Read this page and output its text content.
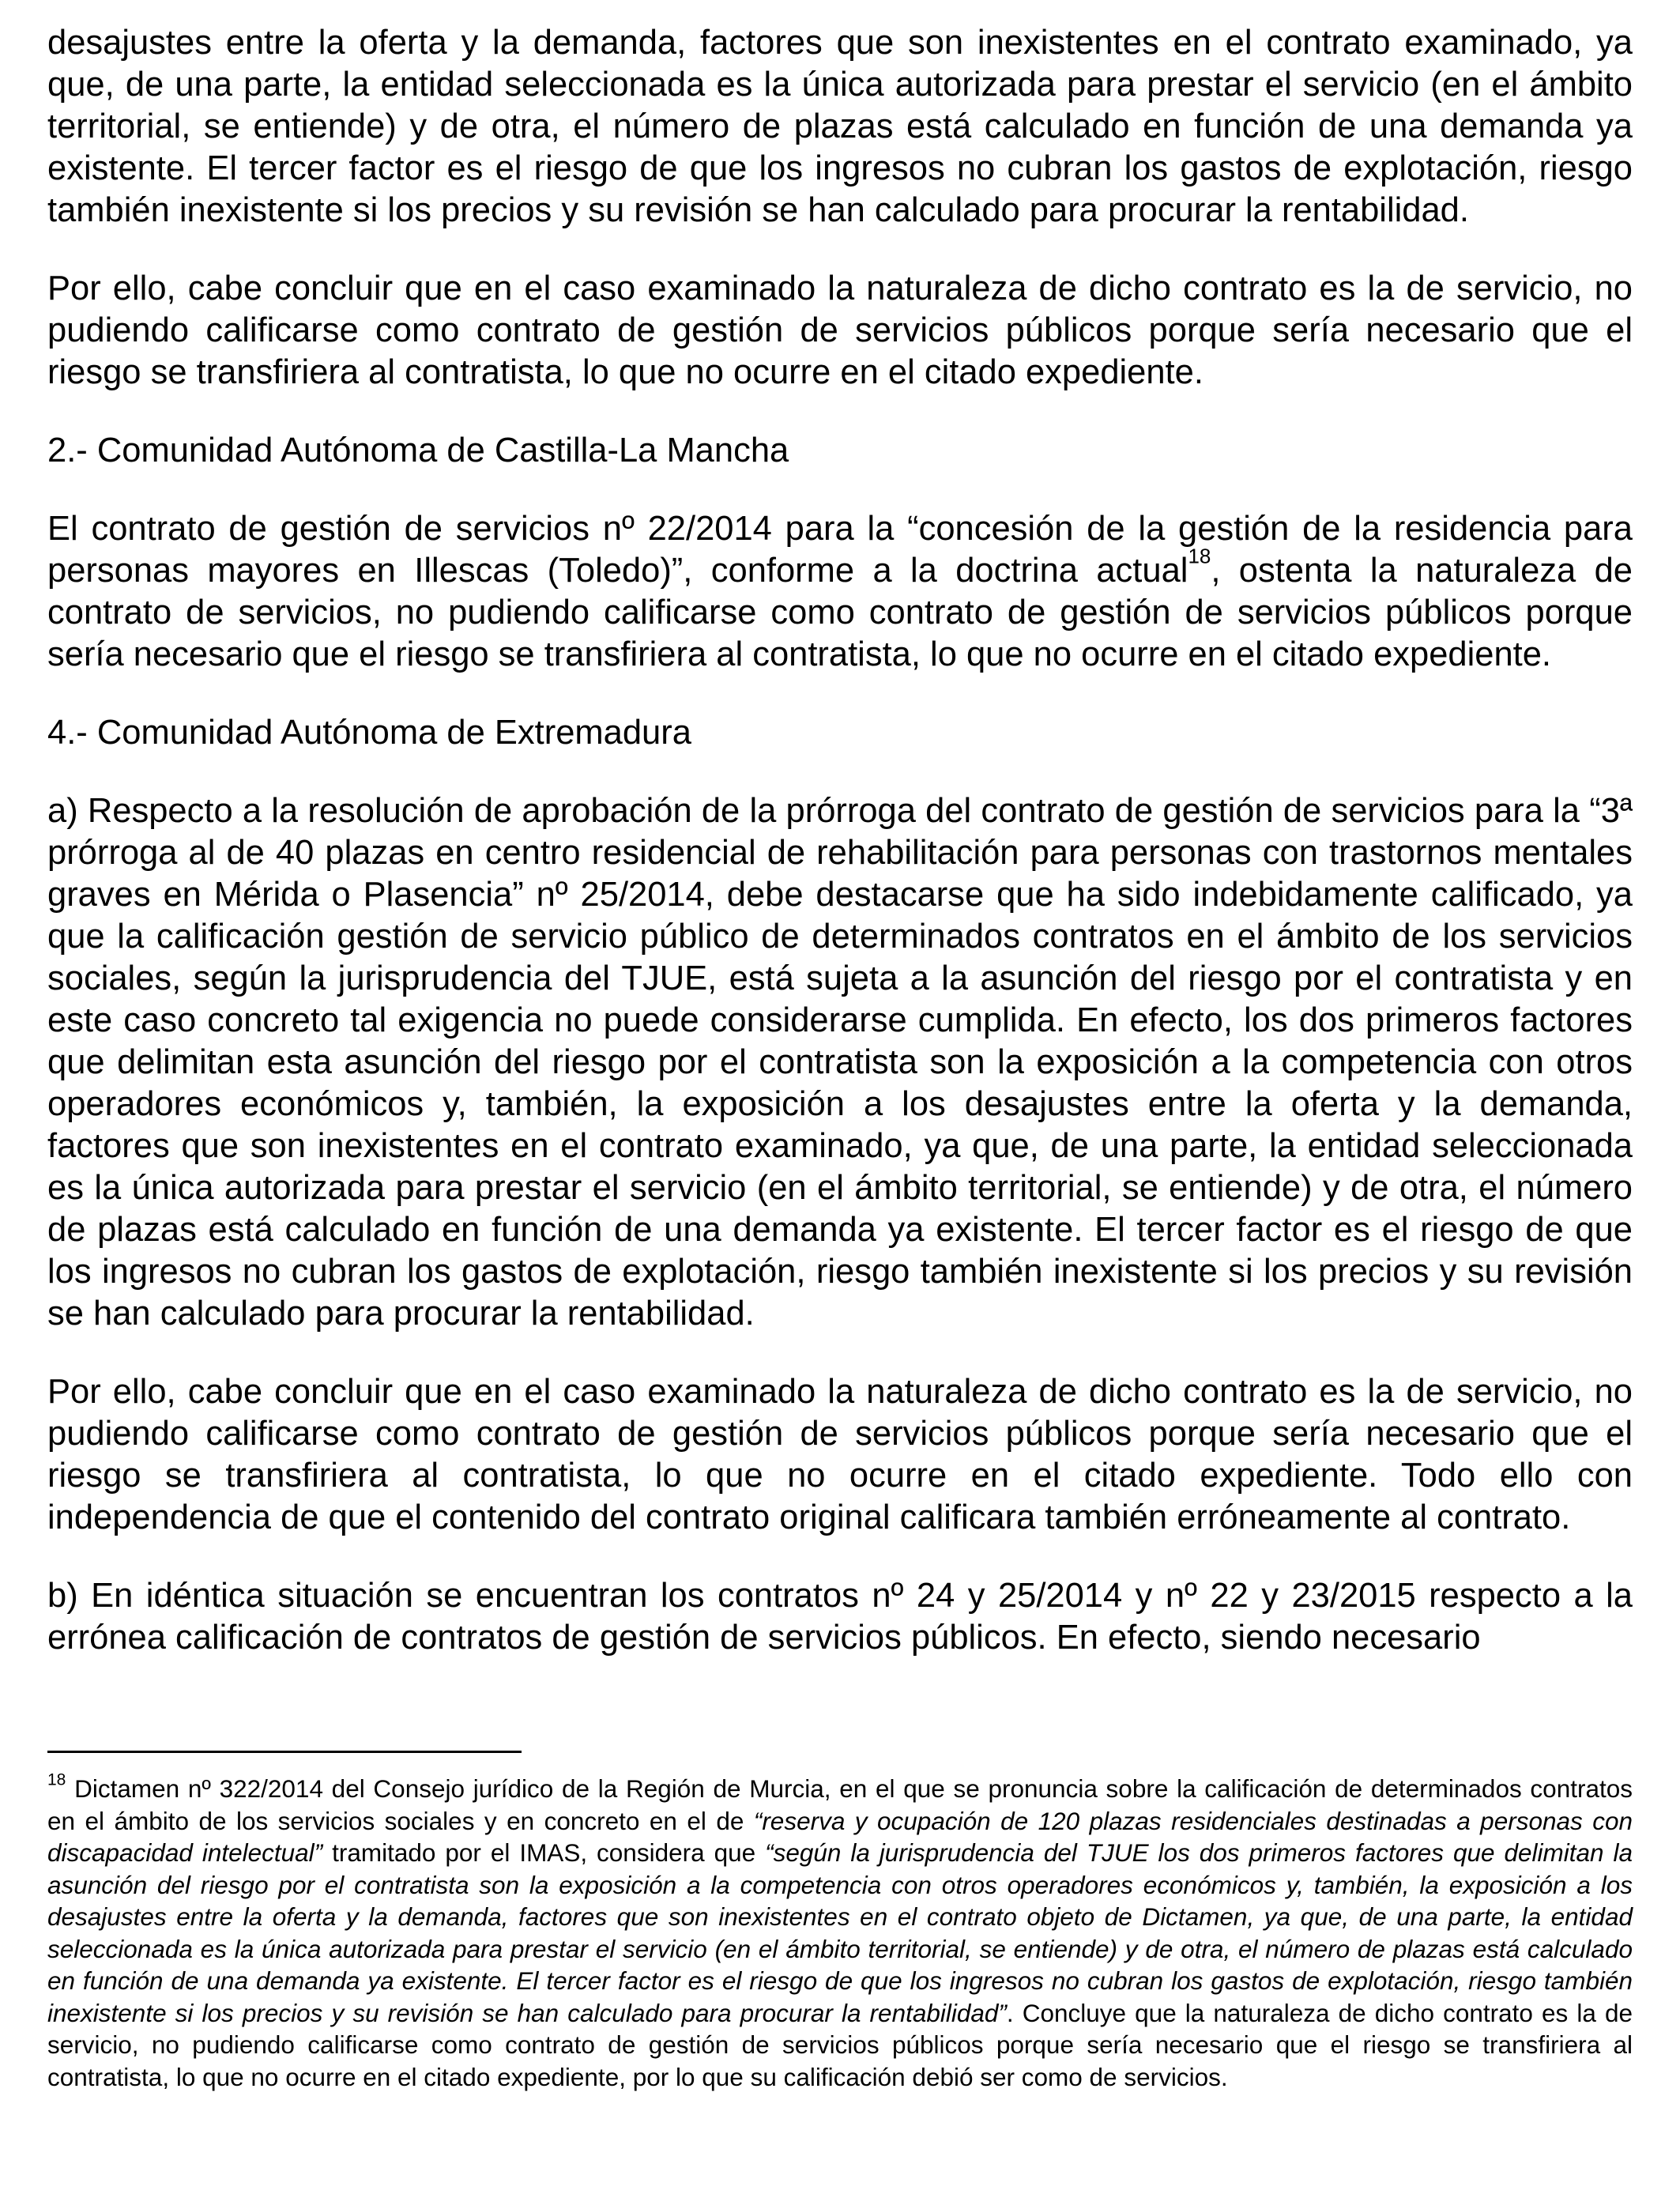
desajustes entre la oferta y la demanda, factores que son inexistentes en el contrato examinado, ya que, de una parte, la entidad seleccionada es la única autorizada para prestar el servicio (en el ámbito territorial, se entiende) y de otra, el número de plazas está calculado en función de una demanda ya existente. El tercer factor es el riesgo de que los ingresos no cubran los gastos de explotación, riesgo también inexistente si los precios y su revisión se han calculado para procurar la rentabilidad.

Por ello, cabe concluir que en el caso examinado la naturaleza de dicho contrato es la de servicio, no pudiendo calificarse como contrato de gestión de servicios públicos porque sería necesario que el riesgo se transfiriera al contratista, lo que no ocurre en el citado expediente.

2.- Comunidad Autónoma de Castilla-La Mancha

El contrato de gestión de servicios nº 22/2014 para la “concesión de la gestión de la residencia para personas mayores en Illescas (Toledo)”, conforme a la doctrina actual$^{18}$, ostenta la naturaleza de contrato de servicios, no pudiendo calificarse como contrato de gestión de servicios públicos porque sería necesario que el riesgo se transfiriera al contratista, lo que no ocurre en el citado expediente.

4.- Comunidad Autónoma de Extremadura

a) Respecto a la resolución de aprobación de la prórroga del contrato de gestión de servicios para la “3ª prórroga al de 40 plazas en centro residencial de rehabilitación para personas con trastornos mentales graves en Mérida o Plasencia” nº 25/2014, debe destacarse que ha sido indebidamente calificado, ya que la calificación gestión de servicio público de determinados contratos en el ámbito de los servicios sociales, según la jurisprudencia del TJUE, está sujeta a la asunción del riesgo por el contratista y en este caso concreto tal exigencia no puede considerarse cumplida. En efecto, los dos primeros factores que delimitan esta asunción del riesgo por el contratista son la exposición a la competencia con otros operadores económicos y, también, la exposición a los desajustes entre la oferta y la demanda, factores que son inexistentes en el contrato examinado, ya que, de una parte, la entidad seleccionada es la única autorizada para prestar el servicio (en el ámbito territorial, se entiende) y de otra, el número de plazas está calculado en función de una demanda ya existente. El tercer factor es el riesgo de que los ingresos no cubran los gastos de explotación, riesgo también inexistente si los precios y su revisión se han calculado para procurar la rentabilidad.

Por ello, cabe concluir que en el caso examinado la naturaleza de dicho contrato es la de servicio, no pudiendo calificarse como contrato de gestión de servicios públicos porque sería necesario que el riesgo se transfiriera al contratista, lo que no ocurre en el citado expediente. Todo ello con independencia de que el contenido del contrato original calificara también erróneamente al contrato.

b) En idéntica situación se encuentran los contratos nº 24 y 25/2014 y nº 22 y 23/2015 respecto a la errónea calificación de contratos de gestión de servicios públicos. En efecto, siendo necesario

$^{18}$ Dictamen nº 322/2014 del Consejo jurídico de la Región de Murcia, en el que se pronuncia sobre la calificación de determinados contratos en el ámbito de los servicios sociales y en concreto en el de “reserva y ocupación de 120 plazas residenciales destinadas a personas con discapacidad intelectual” tramitado por el IMAS, considera que “según la jurisprudencia del TJUE los dos primeros factores que delimitan la asunción del riesgo por el contratista son la exposición a la competencia con otros operadores económicos y, también, la exposición a los desajustes entre la oferta y la demanda, factores que son inexistentes en el contrato objeto de Dictamen, ya que, de una parte, la entidad seleccionada es la única autorizada para prestar el servicio (en el ámbito territorial, se entiende) y de otra, el número de plazas está calculado en función de una demanda ya existente. El tercer factor es el riesgo de que los ingresos no cubran los gastos de explotación, riesgo también inexistente si los precios y su revisión se han calculado para procurar la rentabilidad”. Concluye que la naturaleza de dicho contrato es la de servicio, no pudiendo calificarse como contrato de gestión de servicios públicos porque sería necesario que el riesgo se transfiriera al contratista, lo que no ocurre en el citado expediente, por lo que su calificación debió ser como de servicios.
